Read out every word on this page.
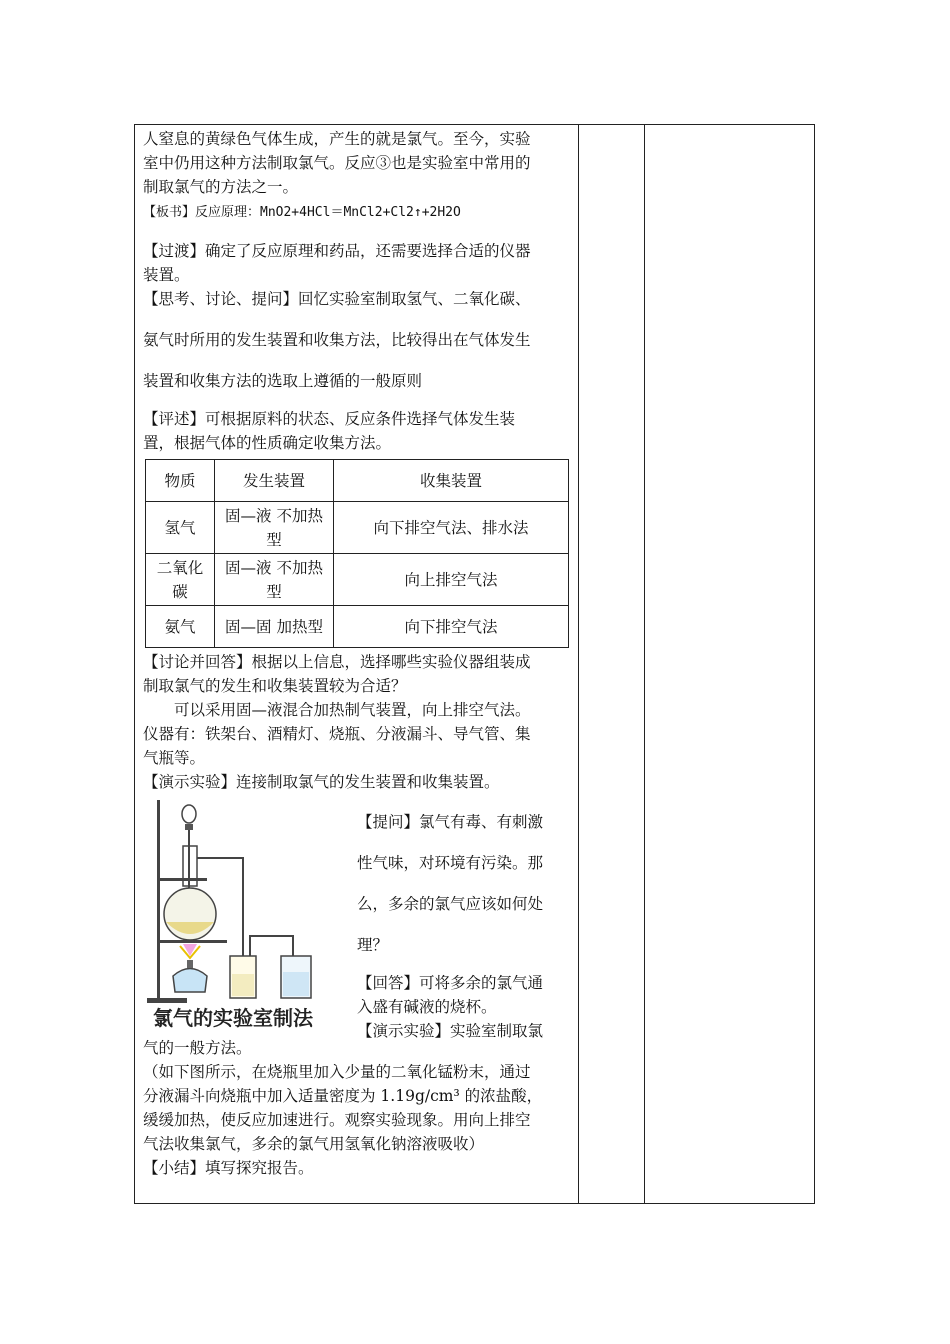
人窒息的黄绿色气体生成，产生的就是氯气。至今，实验

室中仍用这种方法制取氯气。反应③也是实验室中常用的

制取氯气的方法之一。

【板书】反应原理：MnO2+4HCl＝MnCl2+Cl2↑+2H2O

【过渡】确定了反应原理和药品，还需要选择合适的仪器

装置。

【思考、讨论、提问】回忆实验室制取氢气、二氧化碳、

氨气时所用的发生装置和收集方法，比较得出在气体发生

装置和收集方法的选取上遵循的一般原则

【评述】可根据原料的状态、反应条件选择气体发生装

置，根据气体的性质确定收集方法。

物质	发生装置	收集装置
氢气	固—液 不加热型	向下排空气法、排水法
二氧化碳	固—液 不加热型	向上排空气法
氨气	固—固 加热型	向下排空气法

【讨论并回答】根据以上信息，选择哪些实验仪器组装成

制取氯气的发生和收集装置较为合适？

可以采用固—液混合加热制气装置，向上排空气法。

仪器有：铁架台、酒精灯、烧瓶、分液漏斗、导气管、集

气瓶等。

【演示实验】连接制取氯气的发生装置和收集装置。

氯气的实验室制法

【提问】氯气有毒、有刺激

性气味，对环境有污染。那

么，多余的氯气应该如何处

理？

【回答】可将多余的氯气通

入盛有碱液的烧杯。

【演示实验】实验室制取氯

气的一般方法。

（如下图所示，在烧瓶里加入少量的二氧化锰粉末，通过

分液漏斗向烧瓶中加入适量密度为 1.19g/cm³ 的浓盐酸，

缓缓加热，使反应加速进行。观察实验现象。用向上排空

气法收集氯气，多余的氯气用氢氧化钠溶液吸收）

【小结】填写探究报告。
